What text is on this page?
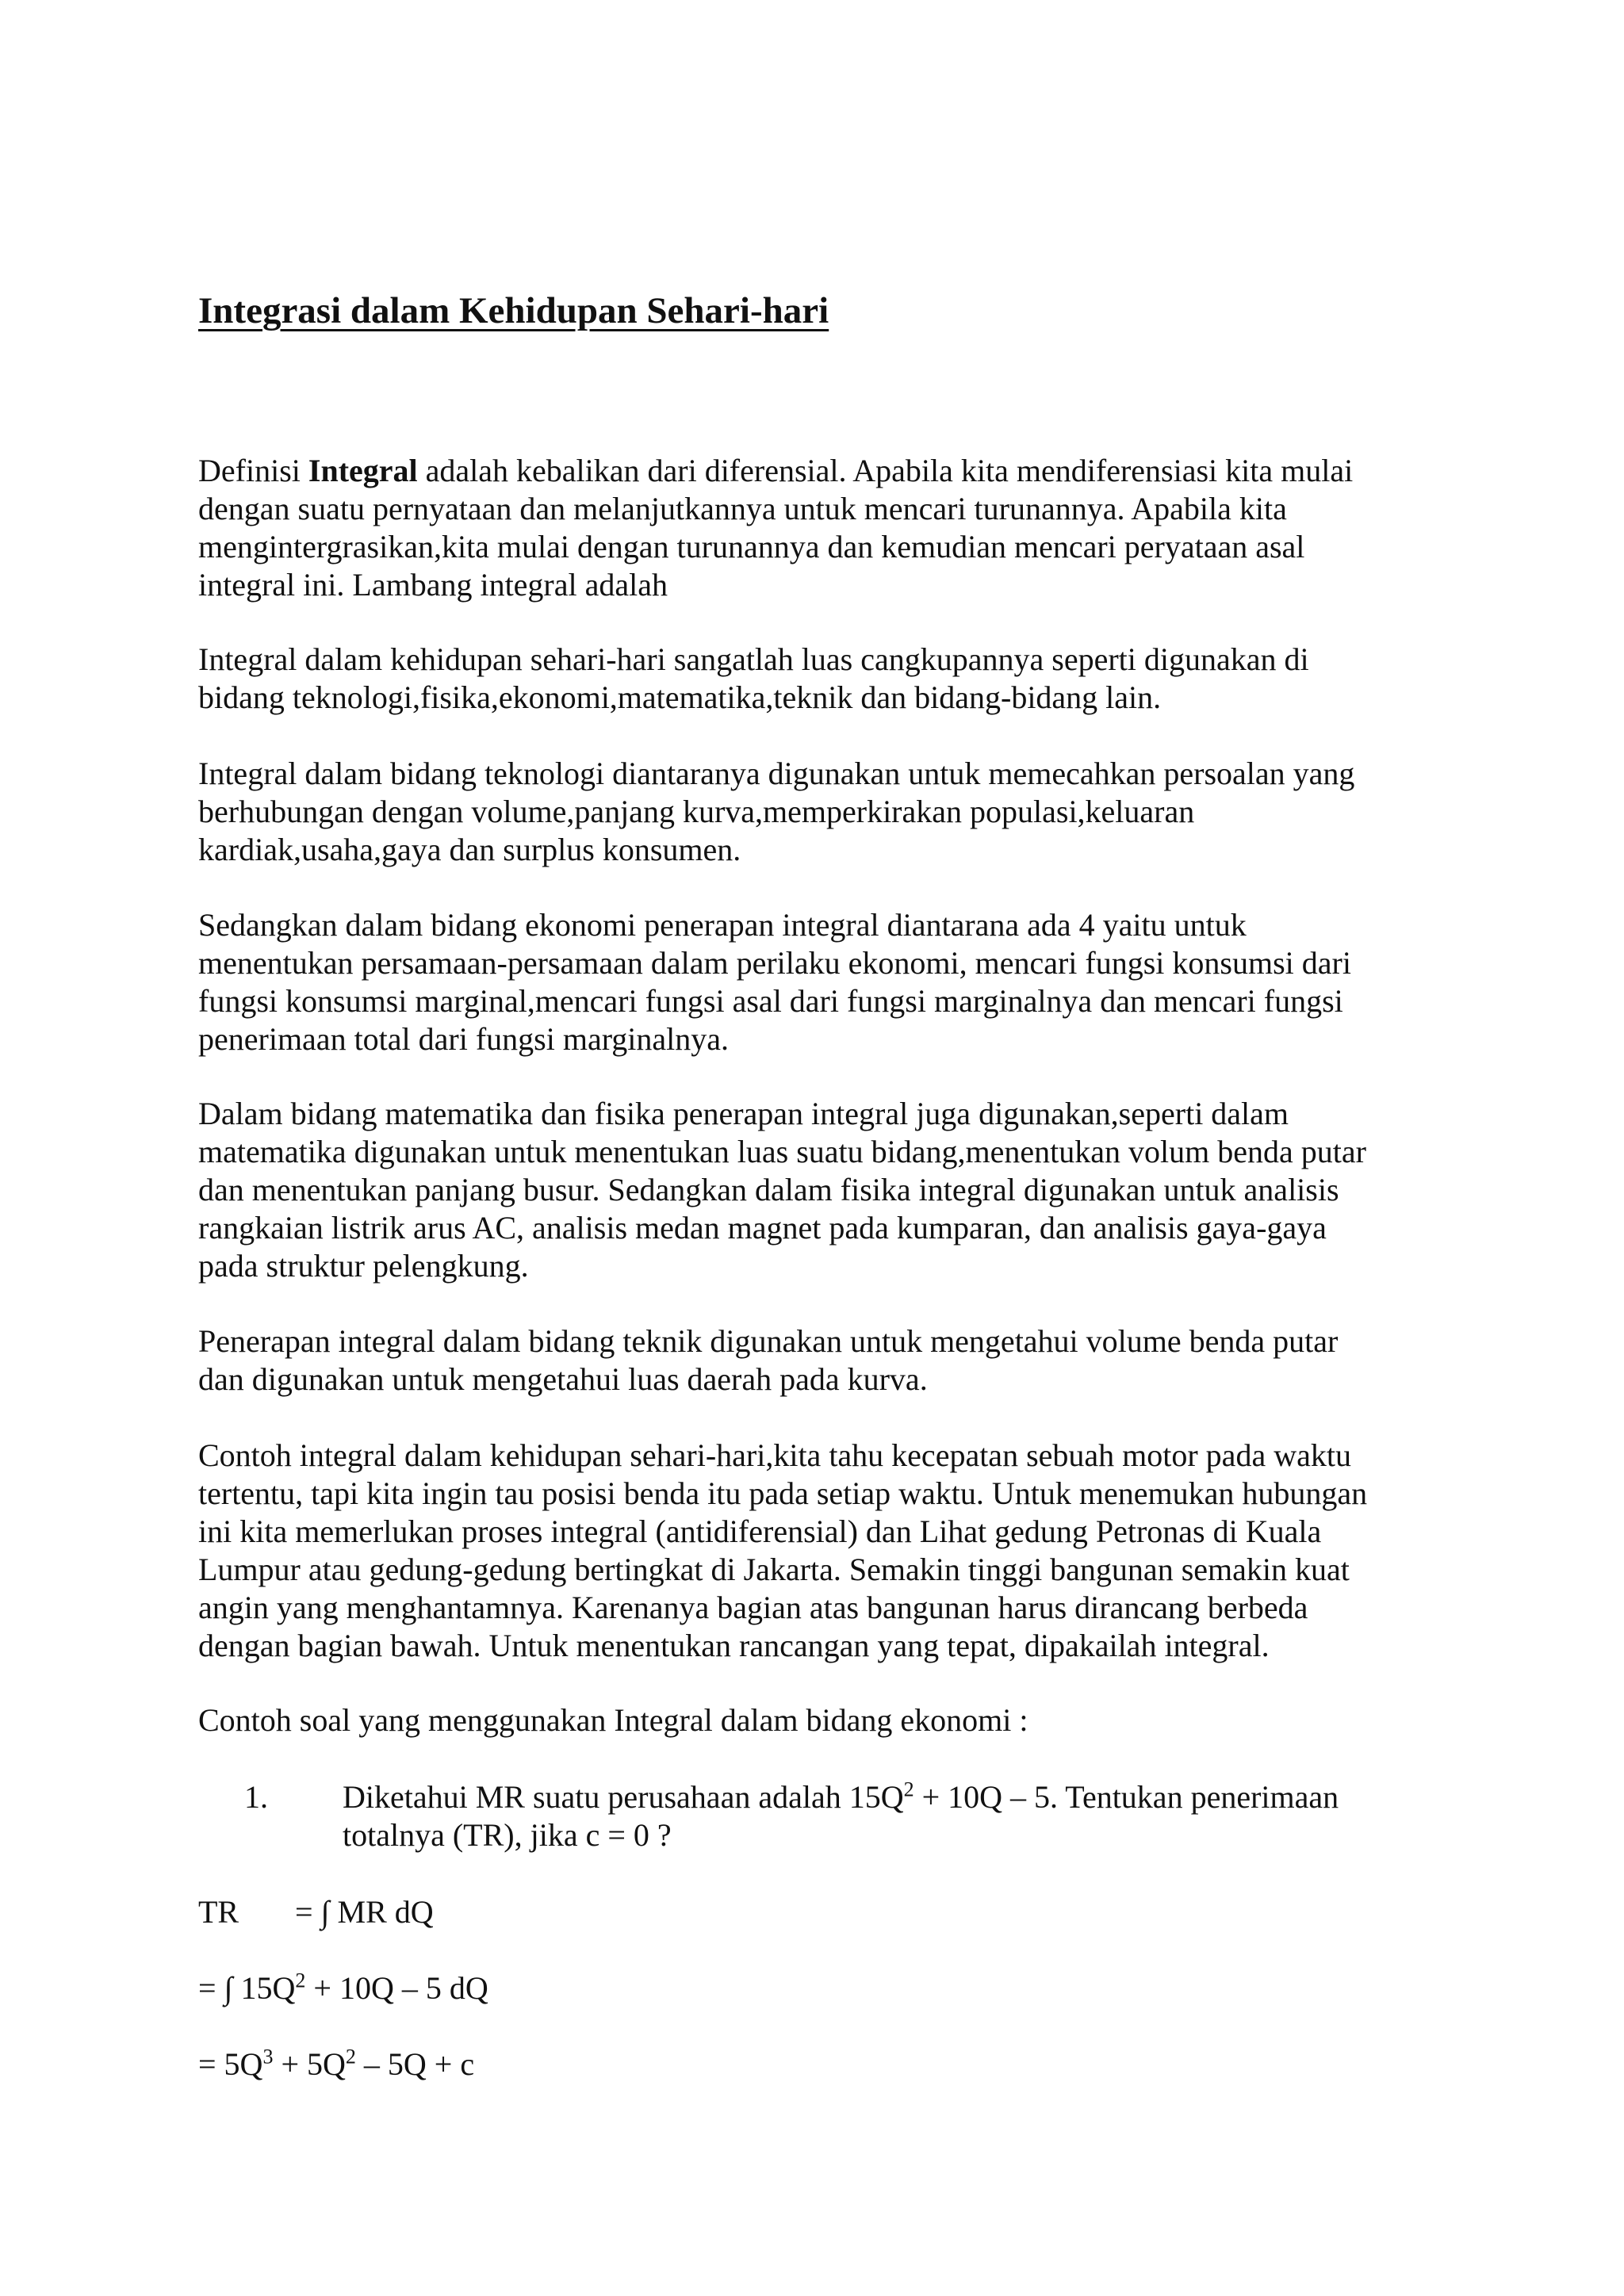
Integrasi dalam Kehidupan Sehari-hari

Definisi Integral adalah kebalikan dari diferensial. Apabila kita mendiferensiasi kita mulai
dengan suatu pernyataan dan melanjutkannya untuk mencari turunannya. Apabila kita
mengintergrasikan,kita mulai dengan turunannya dan kemudian mencari peryataan asal
integral ini. Lambang integral adalah

Integral dalam kehidupan sehari-hari sangatlah luas cangkupannya seperti digunakan di
bidang teknologi,fisika,ekonomi,matematika,teknik dan bidang-bidang lain.

Integral dalam bidang teknologi diantaranya digunakan untuk memecahkan persoalan yang
berhubungan dengan volume,panjang kurva,memperkirakan populasi,keluaran
kardiak,usaha,gaya dan surplus konsumen.

Sedangkan dalam bidang ekonomi penerapan integral diantarana ada 4 yaitu untuk
menentukan persamaan-persamaan dalam perilaku ekonomi, mencari fungsi konsumsi dari
fungsi konsumsi marginal,mencari fungsi asal dari fungsi marginalnya dan mencari fungsi
penerimaan total dari fungsi marginalnya.

Dalam bidang matematika dan fisika penerapan integral juga digunakan,seperti dalam
matematika digunakan untuk menentukan luas suatu bidang,menentukan volum benda putar
dan menentukan panjang busur. Sedangkan dalam fisika integral digunakan untuk analisis
rangkaian listrik arus AC, analisis medan magnet pada kumparan, dan analisis gaya-gaya
pada struktur pelengkung.

Penerapan integral dalam bidang teknik digunakan untuk mengetahui volume benda putar
dan digunakan untuk mengetahui luas daerah pada kurva.

Contoh integral dalam kehidupan sehari-hari,kita tahu kecepatan sebuah motor pada waktu
tertentu, tapi kita ingin tau posisi benda itu pada setiap waktu. Untuk menemukan hubungan
ini kita memerlukan proses integral (antidiferensial) dan Lihat gedung Petronas di Kuala
Lumpur atau gedung-gedung bertingkat di Jakarta. Semakin tinggi bangunan semakin kuat
angin yang menghantamnya. Karenanya bagian atas bangunan harus dirancang berbeda
dengan bagian bawah. Untuk menentukan rancangan yang tepat, dipakailah integral.

Contoh soal yang menggunakan Integral dalam bidang ekonomi :

1. Diketahui MR suatu perusahaan adalah $15Q^2 + 10Q - 5$. Tentukan penerimaan
totalnya (TR), jika c = 0 ?
TR = ∫ MR dQ
= ∫ $15Q^2 + 10Q - 5$ dQ
= $5Q^3 + 5Q^2 - 5Q + c$
